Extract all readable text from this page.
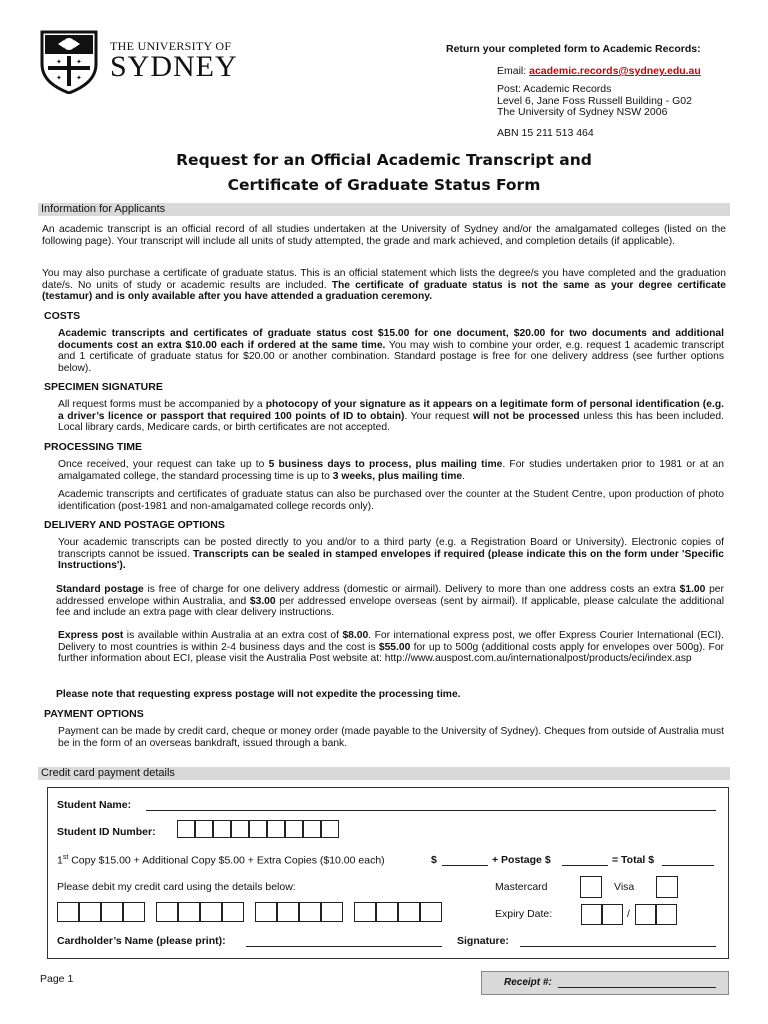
✦ ✦
✦ ✦
THE UNIVERSITY OF
SYDNEY
Return your completed form to Academic Records:
Email: academic.records@sydney.edu.au
Post: Academic Records
Level 6, Jane Foss Russell Building - G02
The University of Sydney NSW 2006
ABN 15 211 513 464
Request for an Official Academic Transcript and
Certificate of Graduate Status Form
Information for Applicants
An academic transcript is an official record of all studies undertaken at the University of Sydney and/or the amalgamated colleges (listed on the following page). Your transcript will include all units of study attempted, the grade and mark achieved, and completion details (if applicable).
You may also purchase a certificate of graduate status. This is an official statement which lists the degree/s you have completed and the graduation date/s. No units of study or academic results are included. The certificate of graduate status is not the same as your degree certificate (testamur) and is only available after you have attended a graduation ceremony.
COSTS
Academic transcripts and certificates of graduate status cost $15.00 for one document, $20.00 for two documents and additional documents cost an extra $10.00 each if ordered at the same time. You may wish to combine your order, e.g. request 1 academic transcript and 1 certificate of graduate status for $20.00 or another combination. Standard postage is free for one delivery address (see further options below).
SPECIMEN SIGNATURE
All request forms must be accompanied by a photocopy of your signature as it appears on a legitimate form of personal identification (e.g. a driver’s licence or passport that required 100 points of ID to obtain). Your request will not be processed unless this has been included. Local library cards, Medicare cards, or birth certificates are not accepted.
PROCESSING TIME
Once received, your request can take up to 5 business days to process, plus mailing time. For studies undertaken prior to 1981 or at an amalgamated college, the standard processing time is up to 3 weeks, plus mailing time.
Academic transcripts and certificates of graduate status can also be purchased over the counter at the Student Centre, upon production of photo identification (post-1981 and non-amalgamated college records only).
DELIVERY AND POSTAGE OPTIONS
Your academic transcripts can be posted directly to you and/or to a third party (e.g. a Registration Board or University). Electronic copies of transcripts cannot be issued. Transcripts can be sealed in stamped envelopes if required (please indicate this on the form under 'Specific Instructions').
Standard postage is free of charge for one delivery address (domestic or airmail). Delivery to more than one address costs an extra $1.00 per addressed envelope within Australia, and $3.00 per addressed envelope overseas (sent by airmail). If applicable, please calculate the additional fee and include an extra page with clear delivery instructions.
Express post is available within Australia at an extra cost of $8.00. For international express post, we offer Express Courier International (ECI). Delivery to most countries is within 2-4 business days and the cost is $55.00 for up to 500g (additional costs apply for envelopes over 500g). For further information about ECI, please visit the Australia Post website at: http://www.auspost.com.au/internationalpost/products/eci/index.asp
Please note that requesting express postage will not expedite the processing time.
PAYMENT OPTIONS
Payment can be made by credit card, cheque or money order (made payable to the University of Sydney). Cheques from outside of Australia must be in the form of an overseas bankdraft, issued through a bank.
Credit card payment details
Student Name:
Student ID Number:
1st Copy $15.00 + Additional Copy $5.00 + Extra Copies ($10.00 each)	$	+ Postage $	= Total $
Please debit my credit card using the details below:	Mastercard	Visa
Expiry Date:	/
Cardholder’s Name (please print):	Signature:
Page 1	Receipt #:
